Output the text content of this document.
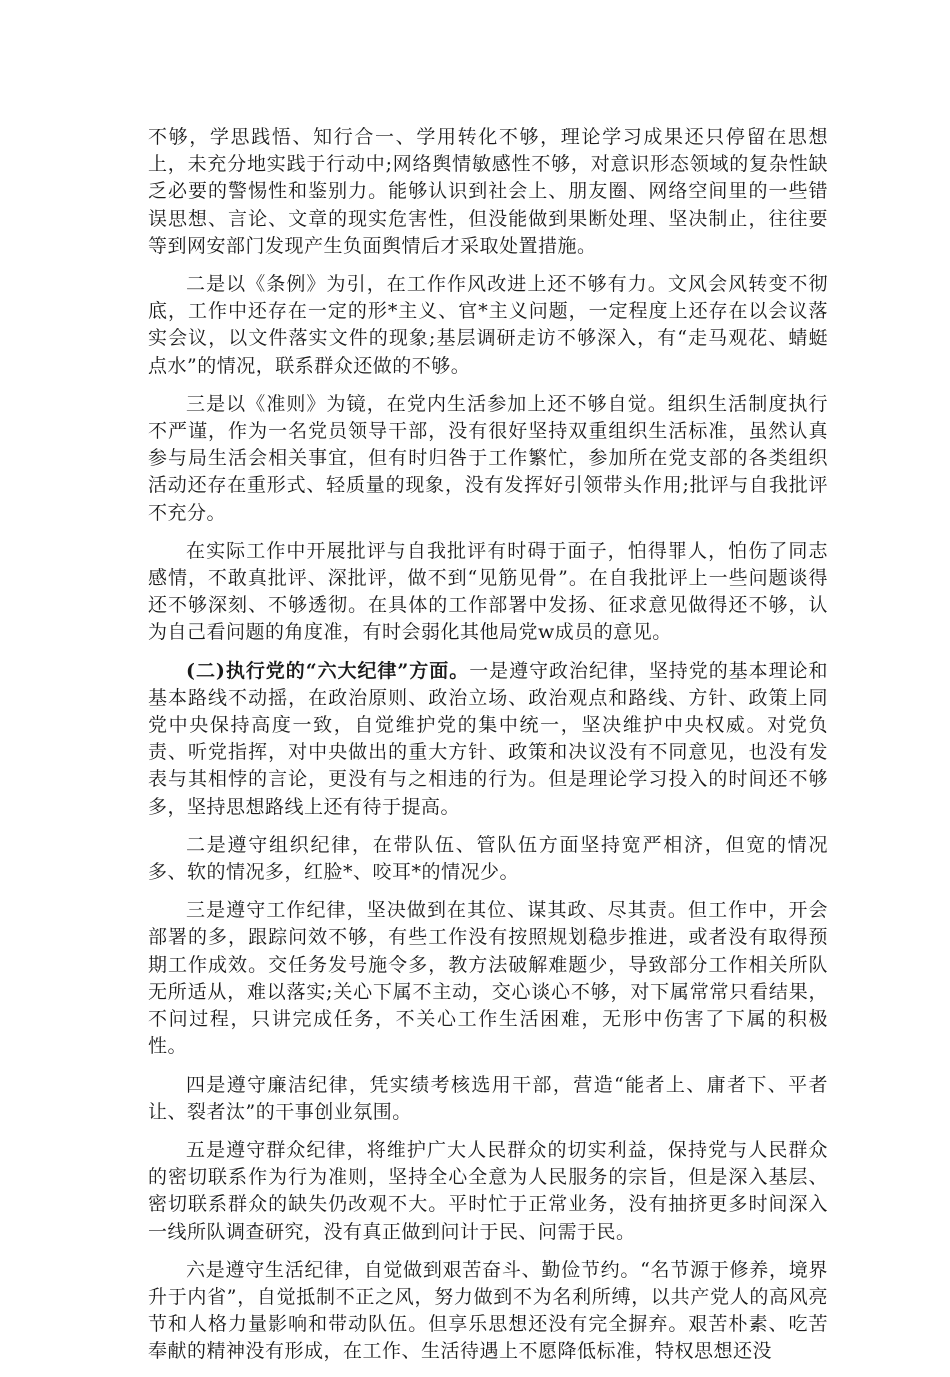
不够，学思践悟、知行合一、学用转化不够，理论学习成果还只停留在思想上，未充分地实践于行动中;网络舆情敏感性不够，对意识形态领域的复杂性缺乏必要的警惕性和鉴别力。能够认识到社会上、朋友圈、网络空间里的一些错误思想、言论、文章的现实危害性，但没能做到果断处理、坚决制止，往往要等到网安部门发现产生负面舆情后才采取处置措施。

二是以《条例》为引，在工作作风改进上还不够有力。文风会风转变不彻底，工作中还存在一定的形*主义、官*主义问题，一定程度上还存在以会议落实会议，以文件落实文件的现象;基层调研走访不够深入，有“走马观花、蜻蜓点水”的情况，联系群众还做的不够。

三是以《准则》为镜，在党内生活参加上还不够自觉。组织生活制度执行不严谨，作为一名党员领导干部，没有很好坚持双重组织生活标准，虽然认真参与局生活会相关事宜，但有时归咎于工作繁忙，参加所在党支部的各类组织活动还存在重形式、轻质量的现象，没有发挥好引领带头作用;批评与自我批评不充分。

在实际工作中开展批评与自我批评有时碍于面子，怕得罪人，怕伤了同志感情，不敢真批评、深批评，做不到“见筋见骨”。在自我批评上一些问题谈得还不够深刻、不够透彻。在具体的工作部署中发扬、征求意见做得还不够，认为自己看问题的角度准，有时会弱化其他局党w成员的意见。

(二)执行党的“六大纪律”方面。一是遵守政治纪律，坚持党的基本理论和基本路线不动摇，在政治原则、政治立场、政治观点和路线、方针、政策上同党中央保持高度一致，自觉维护党的集中统一，坚决维护中央权威。对党负责、听党指挥，对中央做出的重大方针、政策和决议没有不同意见，也没有发表与其相悖的言论，更没有与之相违的行为。但是理论学习投入的时间还不够多，坚持思想路线上还有待于提高。

二是遵守组织纪律，在带队伍、管队伍方面坚持宽严相济，但宽的情况多、软的情况多，红脸*、咬耳*的情况少。

三是遵守工作纪律，坚决做到在其位、谋其政、尽其责。但工作中，开会部署的多，跟踪问效不够，有些工作没有按照规划稳步推进，或者没有取得预期工作成效。交任务发号施令多，教方法破解难题少，导致部分工作相关所队无所适从，难以落实;关心下属不主动，交心谈心不够，对下属常常只看结果，不问过程，只讲完成任务，不关心工作生活困难，无形中伤害了下属的积极性。

四是遵守廉洁纪律，凭实绩考核选用干部，营造“能者上、庸者下、平者让、裂者汰”的干事创业氛围。

五是遵守群众纪律，将维护广大人民群众的切实利益，保持党与人民群众的密切联系作为行为准则，坚持全心全意为人民服务的宗旨，但是深入基层、密切联系群众的缺失仍改观不大。平时忙于正常业务，没有抽挤更多时间深入一线所队调查研究，没有真正做到问计于民、问需于民。

六是遵守生活纪律，自觉做到艰苦奋斗、勤俭节约。“名节源于修养，境界升于内省”，自觉抵制不正之风，努力做到不为名利所缚，以共产党人的高风亮节和人格力量影响和带动队伍。但享乐思想还没有完全摒弃。艰苦朴素、吃苦奉献的精神没有形成，在工作、生活待遇上不愿降低标准，特权思想还没
